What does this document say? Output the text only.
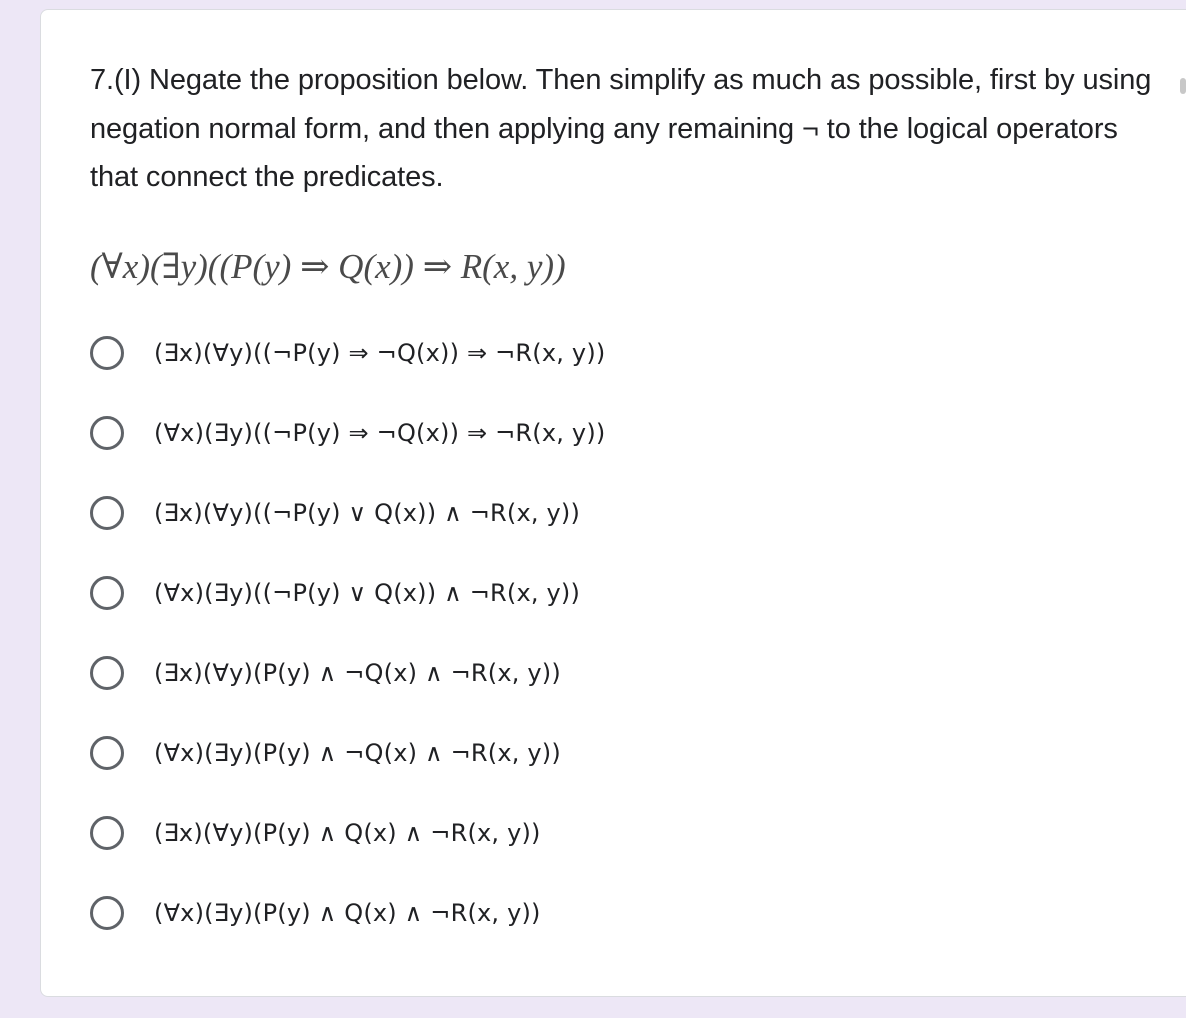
7.(I) Negate the proposition below. Then simplify as much as possible, first by using negation normal form, and then applying any remaining ¬ to the logical operators that connect the predicates.
(∀x)(∃y)((P(y) ⇒ Q(x)) ⇒ R(x, y))
(∃x)(∀y)((¬P(y) ⇒ ¬Q(x)) ⇒ ¬R(x, y))
(∀x)(∃y)((¬P(y) ⇒ ¬Q(x)) ⇒ ¬R(x, y))
(∃x)(∀y)((¬P(y) ∨ Q(x)) ∧ ¬R(x, y))
(∀x)(∃y)((¬P(y) ∨ Q(x)) ∧ ¬R(x, y))
(∃x)(∀y)(P(y) ∧ ¬Q(x) ∧ ¬R(x, y))
(∀x)(∃y)(P(y) ∧ ¬Q(x) ∧ ¬R(x, y))
(∃x)(∀y)(P(y) ∧ Q(x) ∧ ¬R(x, y))
(∀x)(∃y)(P(y) ∧ Q(x) ∧ ¬R(x, y))
